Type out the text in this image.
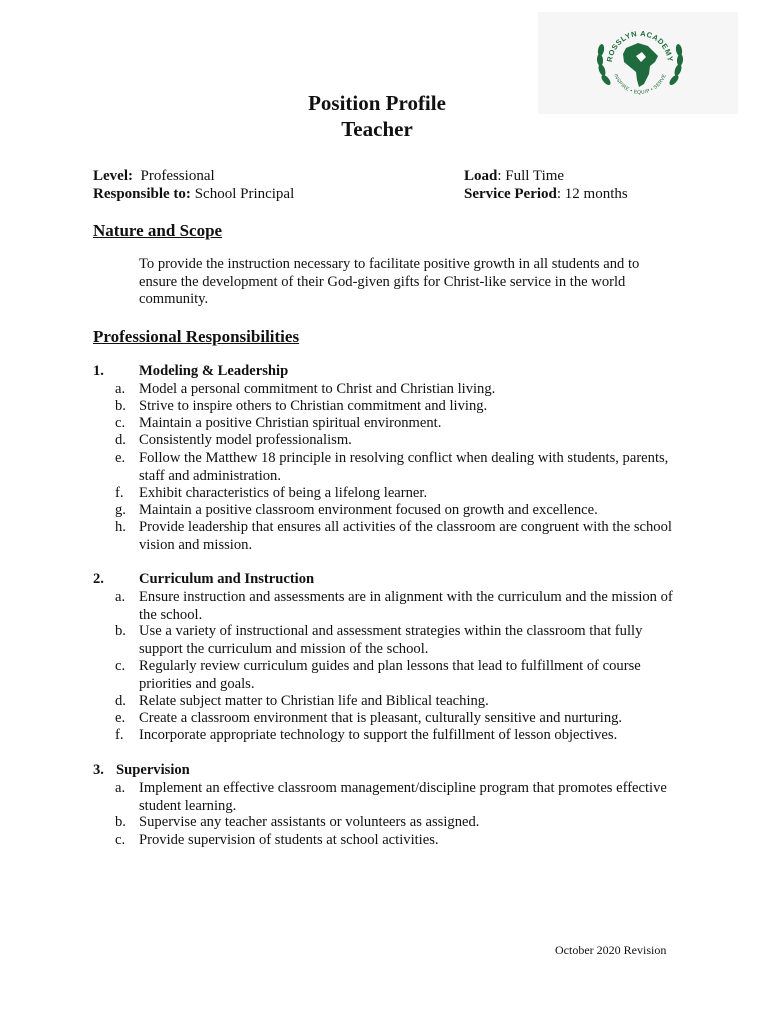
ROSSLYN ACADEMY
INSPIRE • EQUIP • SERVE
Position Profile
Teacher
Level: Professional
Responsible to: School Principal
Load: Full Time
Service Period: 12 months
Nature and Scope
To provide the instruction necessary to facilitate positive growth in all students and to ensure the development of their God-given gifts for Christ-like service in the world community.
Professional Responsibilities
1. Modeling & Leadership
a. Model a personal commitment to Christ and Christian living.
b. Strive to inspire others to Christian commitment and living.
c. Maintain a positive Christian spiritual environment.
d. Consistently model professionalism.
e. Follow the Matthew 18 principle in resolving conflict when dealing with students, parents, staff and administration.
f.	Exhibit characteristics of being a lifelong learner.
g. Maintain a positive classroom environment focused on growth and excellence.
h. Provide leadership that ensures all activities of the classroom are congruent with the school vision and mission.
2. Curriculum and Instruction
a. Ensure instruction and assessments are in alignment with the curriculum and the mission of the school.
b. Use a variety of instructional and assessment strategies within the classroom that fully support the curriculum and mission of the school.
c. Regularly review curriculum guides and plan lessons that lead to fulfillment of course priorities and goals.
d. Relate subject matter to Christian life and Biblical teaching.
e. Create a classroom environment that is pleasant, culturally sensitive and nurturing.
f.	Incorporate appropriate technology to support the fulfillment of lesson objectives.
3. Supervision
a. Implement an effective classroom management/discipline program that promotes effective student learning.
b. Supervise any teacher assistants or volunteers as assigned.
c. Provide supervision of students at school activities.
October 2020 Revision
